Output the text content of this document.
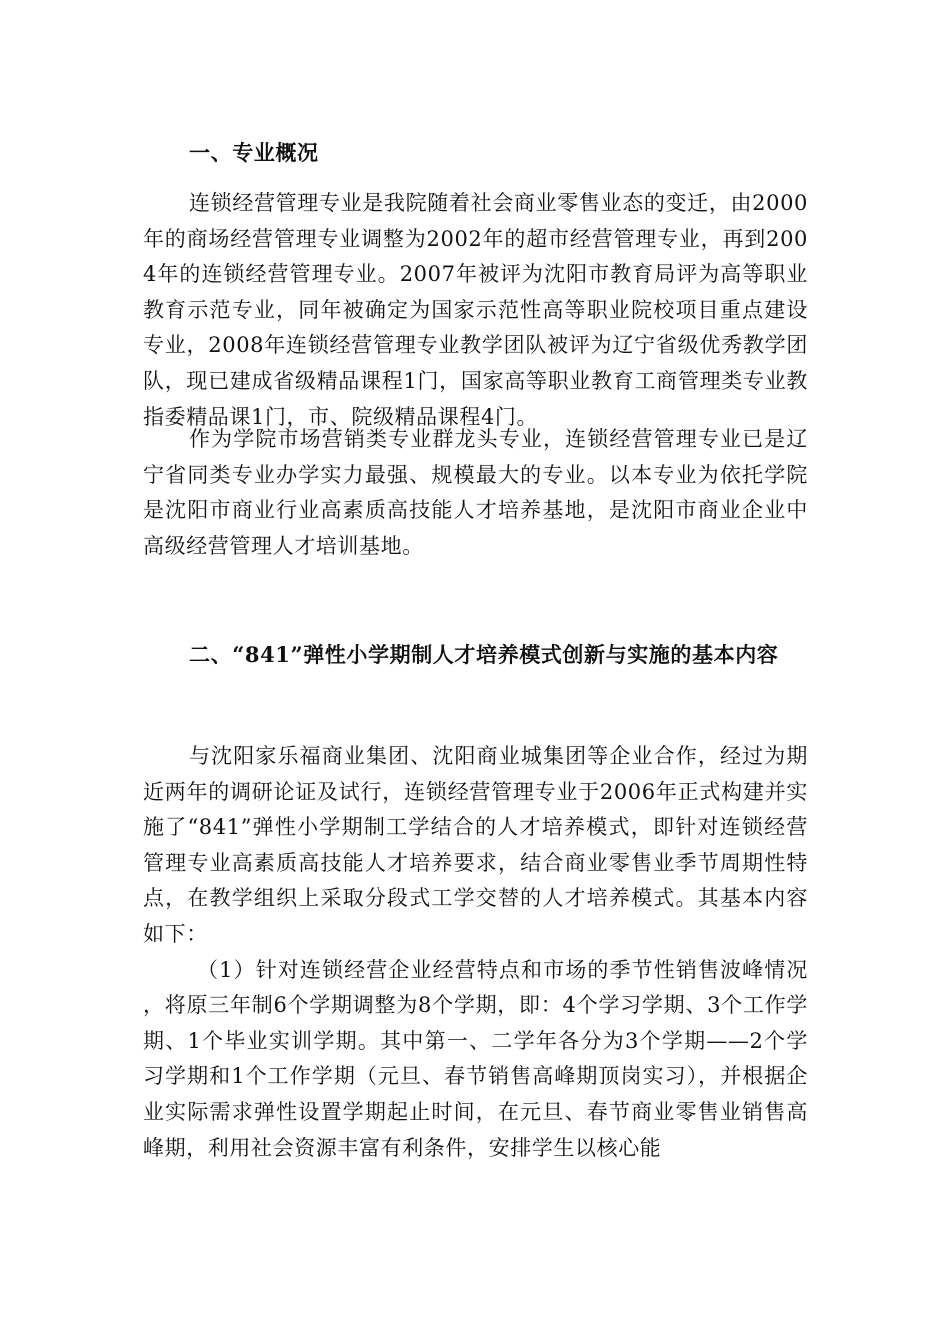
一、专业概况

连锁经营管理专业是我院随着社会商业零售业态的变迁，由2000年的商场经营管理专业调整为2002年的超市经营管理专业，再到2004年的连锁经营管理专业。2007年被评为沈阳市教育局评为高等职业教育示范专业，同年被确定为国家示范性高等职业院校项目重点建设专业，2008年连锁经营管理专业教学团队被评为辽宁省级优秀教学团队，现已建成省级精品课程1门，国家高等职业教育工商管理类专业教指委精品课1门，市、院级精品课程4门。

作为学院市场营销类专业群龙头专业，连锁经营管理专业已是辽宁省同类专业办学实力最强、规模最大的专业。以本专业为依托学院是沈阳市商业行业高素质高技能人才培养基地，是沈阳市商业企业中高级经营管理人才培训基地。

二、“841”弹性小学期制人才培养模式创新与实施的基本内容

与沈阳家乐福商业集团、沈阳商业城集团等企业合作，经过为期近两年的调研论证及试行，连锁经营管理专业于2006年正式构建并实施了“841”弹性小学期制工学结合的人才培养模式，即针对连锁经营管理专业高素质高技能人才培养要求，结合商业零售业季节周期性特点，在教学组织上采取分段式工学交替的人才培养模式。其基本内容如下：

（1）针对连锁经营企业经营特点和市场的季节性销售波峰情况，将原三年制6个学期调整为8个学期，即：4个学习学期、3个工作学期、1个毕业实训学期。其中第一、二学年各分为3个学期——2个学习学期和1个工作学期（元旦、春节销售高峰期顶岗实习），并根据企业实际需求弹性设置学期起止时间，在元旦、春节商业零售业销售高峰期，利用社会资源丰富有利条件，安排学生以核心能
